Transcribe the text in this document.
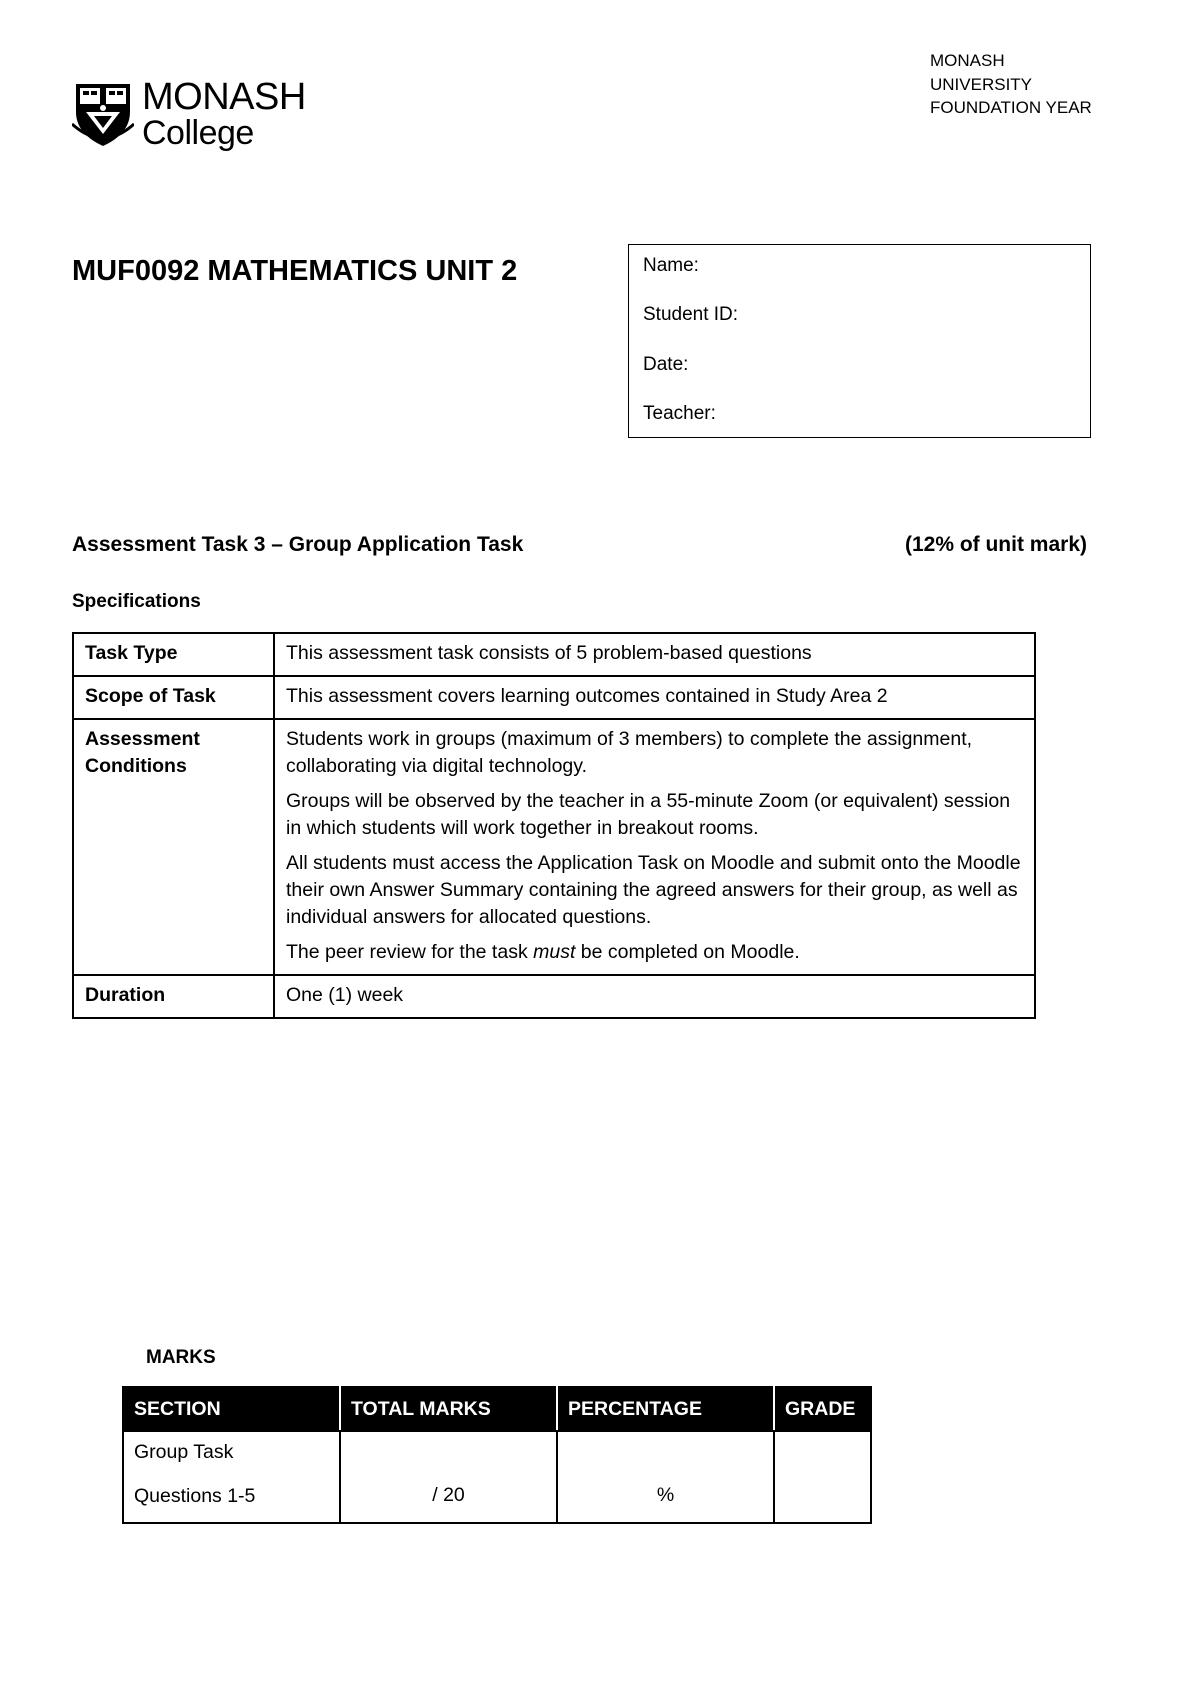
MONASH
College
MONASH
UNIVERSITY
FOUNDATION YEAR
MUF0092 MATHEMATICS UNIT 2	Name:
Student ID:
Date:
Teacher:
Assessment Task 3 – Group Application Task	(12% of unit mark)
Specifications
Task Type	This assessment task consists of 5 problem-based questions

Scope of Task	This assessment covers learning outcomes contained in Study Area 2

Assessment Conditions	Students work in groups (maximum of 3 members) to complete the assignment, collaborating via digital technology.

Groups will be observed by the teacher in a 55-minute Zoom (or equivalent) session in which students will work together in breakout rooms.

All students must access the Application Task on Moodle and submit onto the Moodle their own Answer Summary containing the agreed answers for their group, as well as individual answers for allocated questions.

The peer review for the task must be completed on Moodle.

Duration	One (1) week

MARKS
SECTION	TOTAL MARKS	PERCENTAGE	GRADE

Group Task
Questions 1-5	/ 20	%	
